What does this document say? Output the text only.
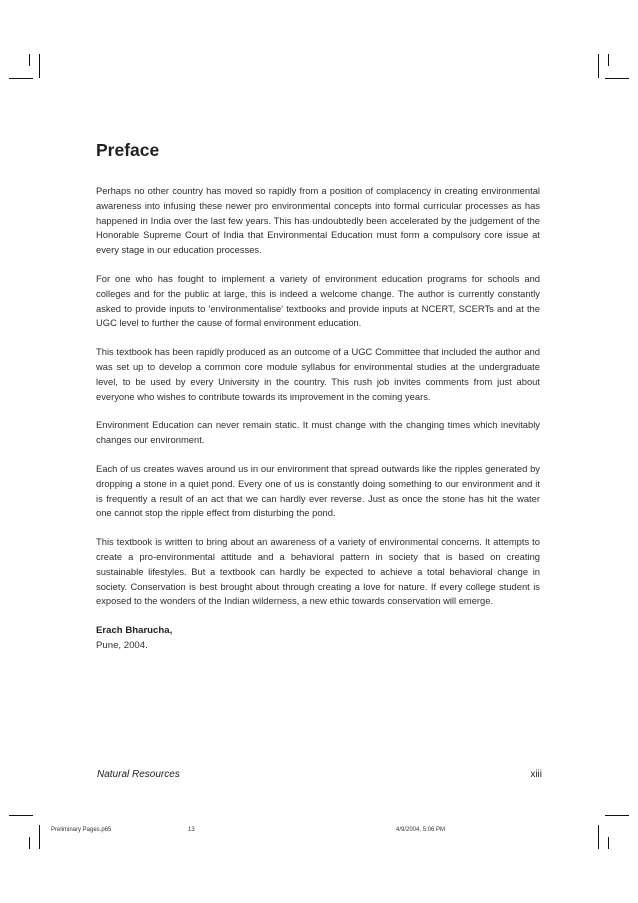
Preface

Perhaps no other country has moved so rapidly from a position of complacency in creating environmental awareness into infusing these newer pro environmental concepts into formal curricular processes as has happened in India over the last few years. This has undoubtedly been accelerated by the judgement of the Honorable Supreme Court of India that Environmental Education must form a compulsory core issue at every stage in our education processes.

For one who has fought to implement a variety of environment education programs for schools and colleges and for the public at large, this is indeed a welcome change. The author is currently constantly asked to provide inputs to 'environmentalise' textbooks and provide inputs at NCERT, SCERTs and at the UGC level to further the cause of formal environment education.

This textbook has been rapidly produced as an outcome of a UGC Committee that included the author and was set up to develop a common core module syllabus for environmental studies at the undergraduate level, to be used by every University in the country. This rush job invites comments from just about everyone who wishes to contribute towards its improvement in the coming years.

Environment Education can never remain static. It must change with the changing times which inevitably changes our environment.

Each of us creates waves around us in our environment that spread outwards like the ripples generated by dropping a stone in a quiet pond. Every one of us is constantly doing something to our environment and it is frequently a result of an act that we can hardly ever reverse. Just as once the stone has hit the water one cannot stop the ripple effect from disturbing the pond.

This textbook is written to bring about an awareness of a variety of environmental concerns. It attempts to create a pro-environmental attitude and a behavioral pattern in society that is based on creating sustainable lifestyles. But a textbook can hardly be expected to achieve a total behavioral change in society. Conservation is best brought about through creating a love for nature. If every college student is exposed to the wonders of the Indian wilderness, a new ethic towards conservation will emerge.

Erach Bharucha,

Pune, 2004.

Natural Resources	xiii
Preliminary Pages.p65	13	4/9/2004, 5:06 PM
